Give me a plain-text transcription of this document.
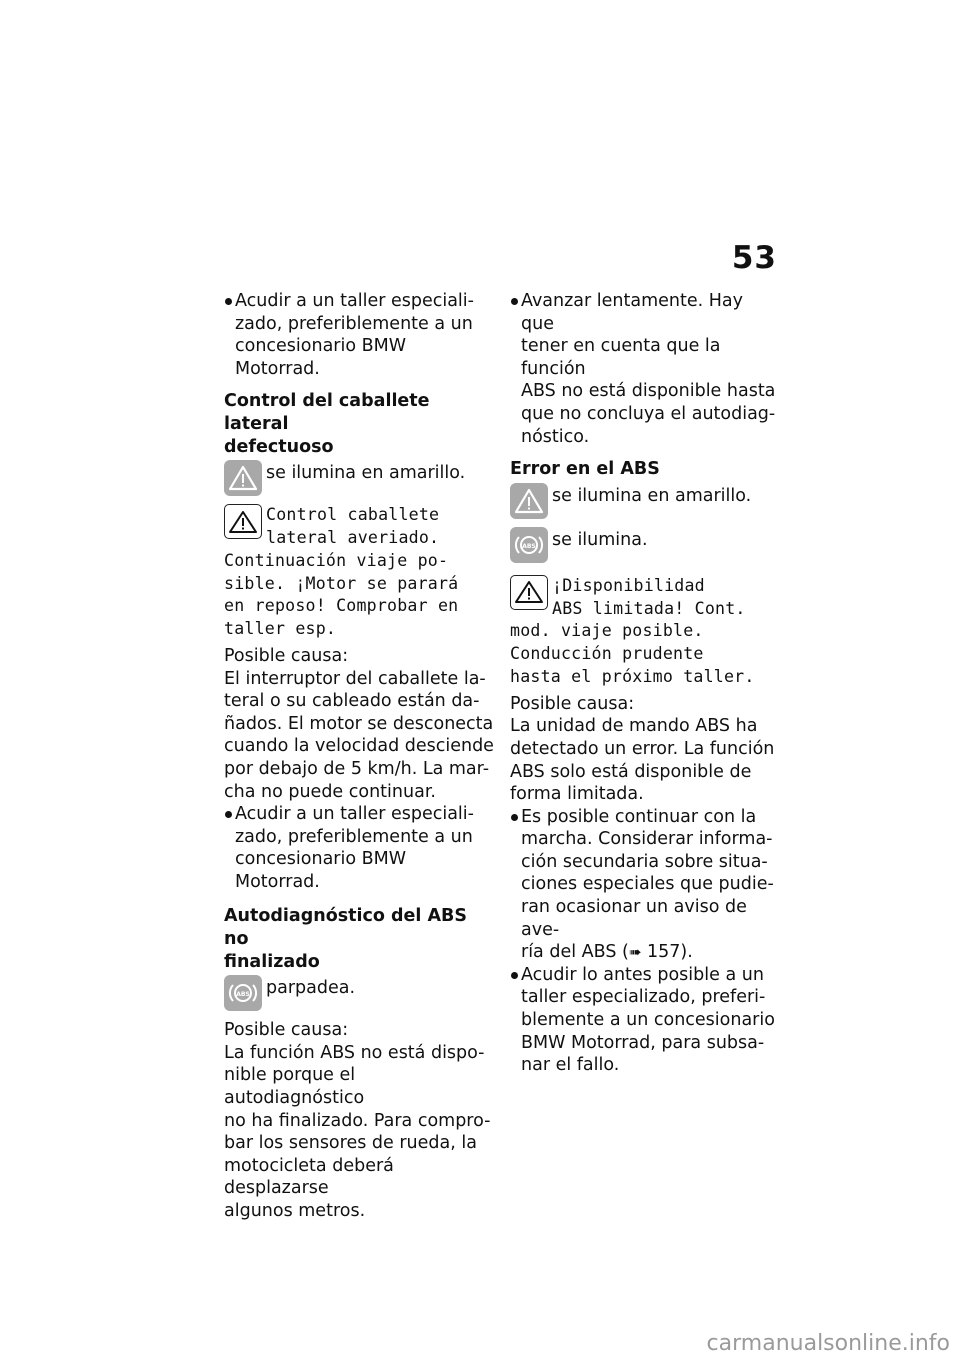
53
Acudir a un taller especiali-
zado, preferiblemente a un
concesionario BMW Motorrad.
Control del caballete lateral
defectuoso
se ilumina en amarillo.
Control caballete
lateral averiado.
Continuación viaje po-
sible. ¡Motor se parará
en reposo! Comprobar en
taller esp.
Posible causa:
El interruptor del caballete la-
teral o su cableado están da-
ñados. El motor se desconecta
cuando la velocidad desciende
por debajo de 5 km/h. La mar-
cha no puede continuar.
Acudir a un taller especiali-
zado, preferiblemente a un
concesionario BMW Motorrad.
Autodiagnóstico del ABS no
finalizado
ABS parpadea.
Posible causa:
La función ABS no está dispo-
nible porque el autodiagnóstico
no ha finalizado. Para compro-
bar los sensores de rueda, la
motocicleta deberá desplazarse
algunos metros.
Avanzar lentamente. Hay que
tener en cuenta que la función
ABS no está disponible hasta
que no concluya el autodiag-
nóstico.
Error en el ABS
se ilumina en amarillo.
ABS se ilumina.
¡Disponibilidad
ABS limitada! Cont.
mod. viaje posible.
Conducción prudente
hasta el próximo taller.
Posible causa:
La unidad de mando ABS ha
detectado un error. La función
ABS solo está disponible de
forma limitada.
Es posible continuar con la
marcha. Considerar informa-
ción secundaria sobre situa-
ciones especiales que pudie-
ran ocasionar un aviso de ave-
ría del ABS (➠ 157).
Acudir lo antes posible a un
taller especializado, preferi-
blemente a un concesionario
BMW Motorrad, para subsa-
nar el fallo.
carmanualsonline.info
